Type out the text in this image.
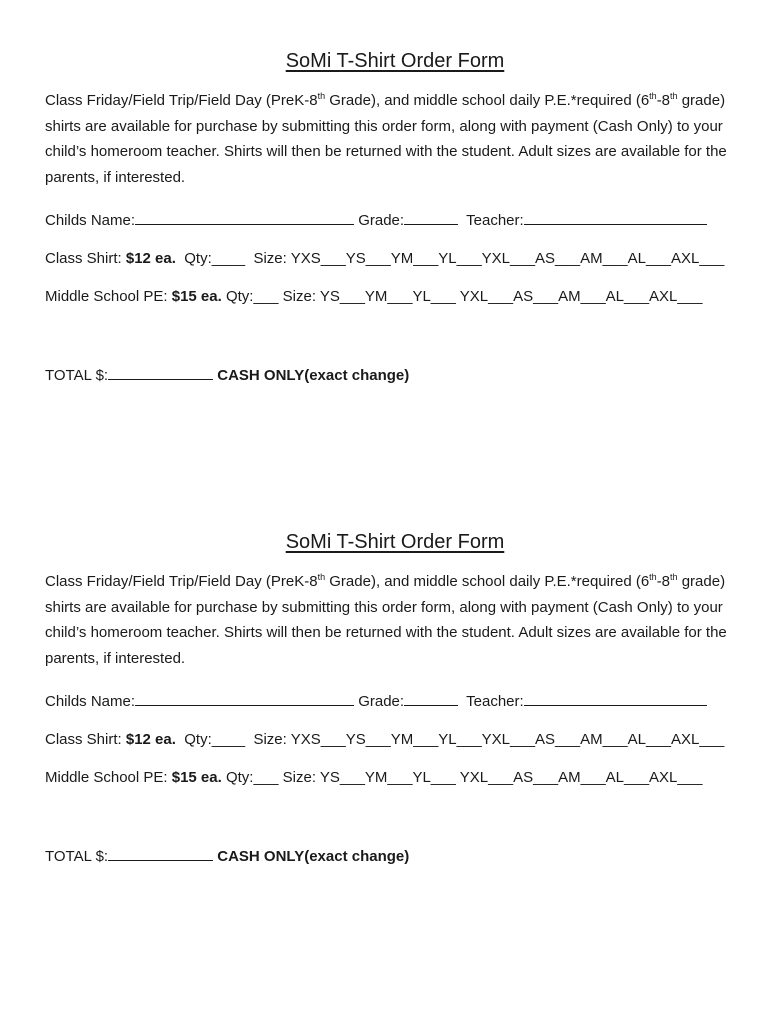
SoMi T-Shirt Order Form

Class Friday/Field Trip/Field Day (PreK-8th Grade), and middle school daily P.E.*required (6th-8th grade) shirts are available for purchase by submitting this order form, along with payment (Cash Only) to your child’s homeroom teacher. Shirts will then be returned with the student. Adult sizes are available for the parents, if interested.

Childs Name:	Grade:	Teacher:

Class Shirt: $12 ea.  Qty:____  Size: YXS___YS___YM___YL___YXL___AS___AM___AL___AXL___

Middle School PE: $15 ea. Qty:___ Size: YS___YM___YL___ YXL___AS___AM___AL___AXL___

TOTAL $:	CASH ONLY(exact change)

SoMi T-Shirt Order Form

Class Friday/Field Trip/Field Day (PreK-8th Grade), and middle school daily P.E.*required (6th-8th grade) shirts are available for purchase by submitting this order form, along with payment (Cash Only) to your child’s homeroom teacher. Shirts will then be returned with the student. Adult sizes are available for the parents, if interested.

Childs Name:	Grade:	Teacher:

Class Shirt: $12 ea.  Qty:____  Size: YXS___YS___YM___YL___YXL___AS___AM___AL___AXL___

Middle School PE: $15 ea. Qty:___ Size: YS___YM___YL___ YXL___AS___AM___AL___AXL___

TOTAL $:	CASH ONLY(exact change)
